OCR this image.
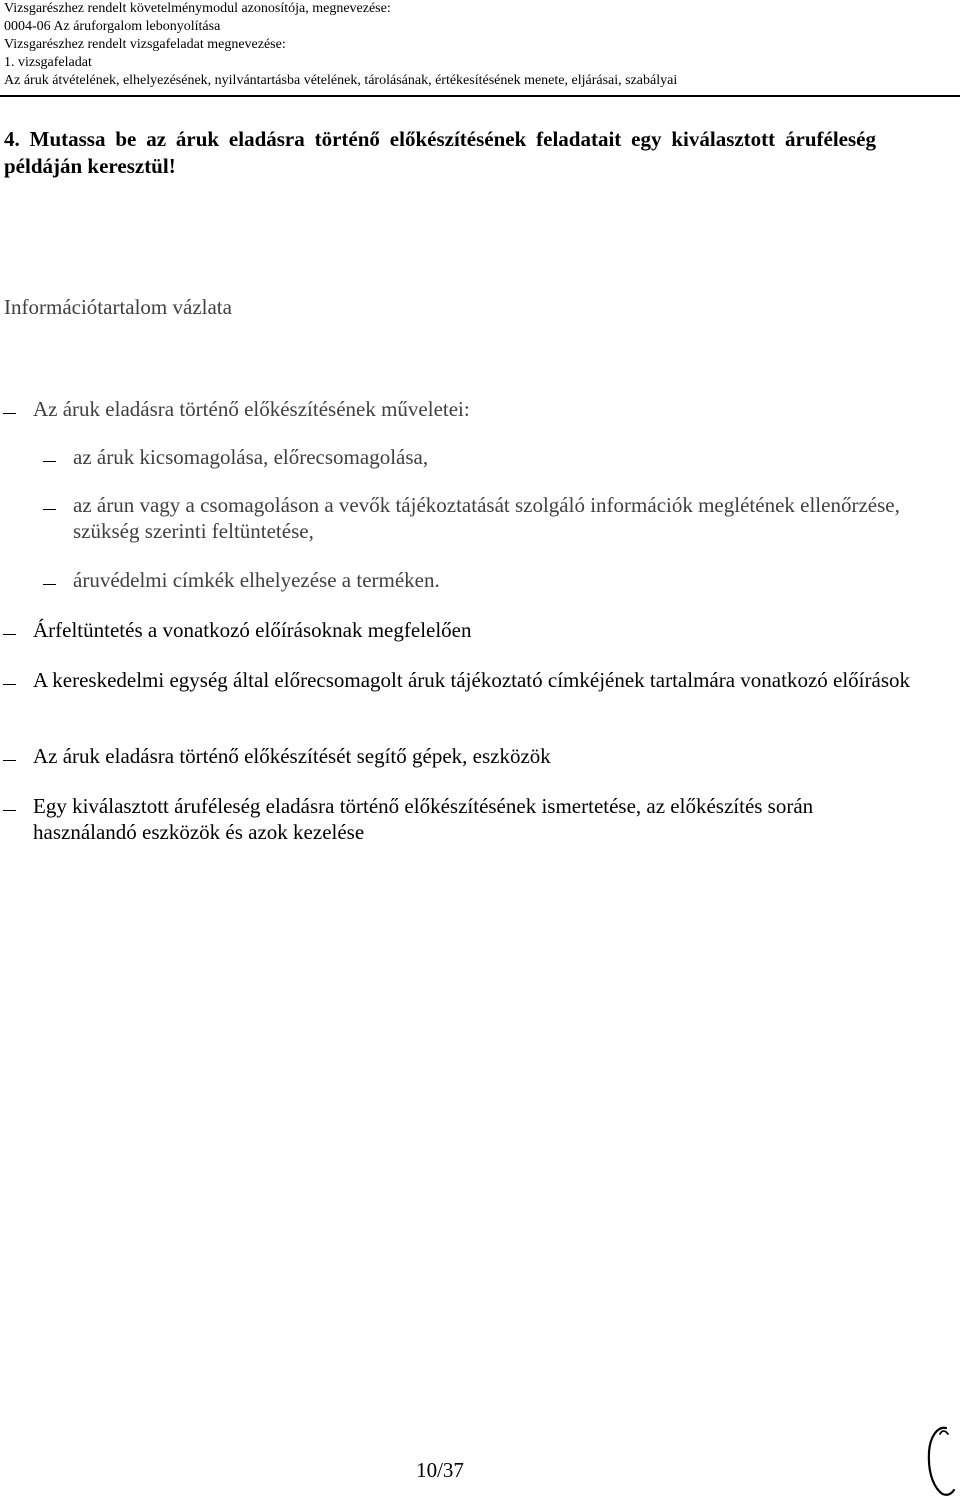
Vizsgarészhez rendelt követelménymodul azonosítója, megnevezése:
0004-06 Az áruforgalom lebonyolítása
Vizsgarészhez rendelt vizsgafeladat megnevezése:
1. vizsgafeladat
Az áruk átvételének, elhelyezésének, nyilvántartásba vételének, tárolásának, értékesítésének menete, eljárásai, szabályai
4. Mutassa be az áruk eladásra történő előkészítésének feladatait egy kiválasztott áruféleség példáján keresztül!
Információtartalom vázlata
Az áruk eladásra történő előkészítésének műveletei:
az áruk kicsomagolása, előrecsomagolása,
az árun vagy a csomagoláson a vevők tájékoztatását szolgáló információk meglétének ellenőrzése, szükség szerinti feltüntetése,
áruvédelmi címkék elhelyezése a terméken.
Árfeltüntetés a vonatkozó előírásoknak megfelelően
A kereskedelmi egység által előrecsomagolt áruk tájékoztató címkéjének tartalmára vonatkozó előírások
Az áruk eladásra történő előkészítését segítő gépek, eszközök
Egy kiválasztott áruféleség eladásra történő előkészítésének ismertetése, az előkészítés során használandó eszközök és azok kezelése
10/37
